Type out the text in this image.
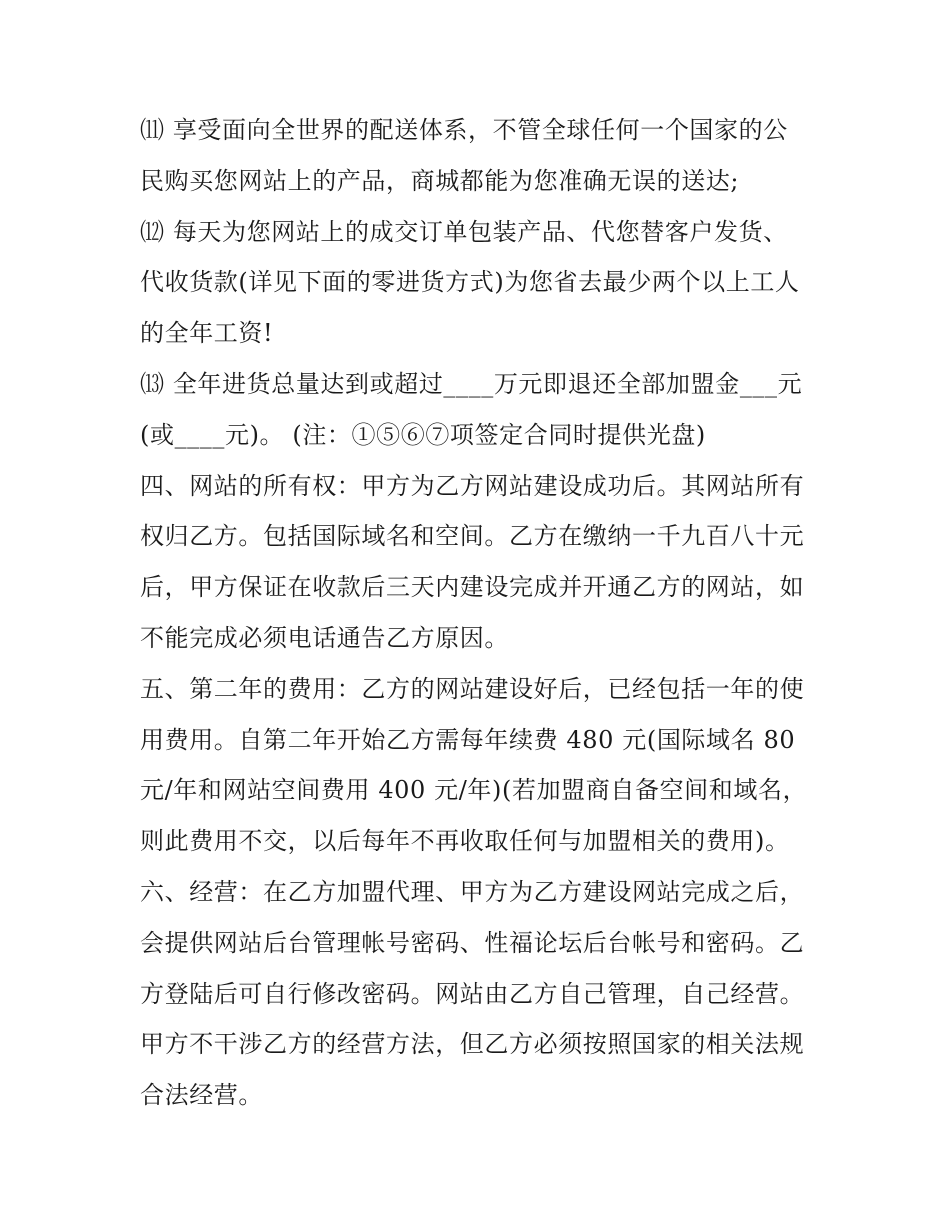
⑾ 享受面向全世界的配送体系，不管全球任何一个国家的公
民购买您网站上的产品，商城都能为您准确无误的送达;
⑿ 每天为您网站上的成交订单包装产品、代您替客户发货、
代收货款(详见下面的零进货方式)为您省去最少两个以上工人
的全年工资!
⒀ 全年进货总量达到或超过____万元即退还全部加盟金___元
(或____元)。 (注：①⑤⑥⑦项签定合同时提供光盘)
四、网站的所有权：甲方为乙方网站建设成功后。其网站所有
权归乙方。包括国际域名和空间。乙方在缴纳一千九百八十元
后，甲方保证在收款后三天内建设完成并开通乙方的网站，如
不能完成必须电话通告乙方原因。
五、第二年的费用：乙方的网站建设好后，已经包括一年的使
用费用。自第二年开始乙方需每年续费 480 元(国际域名 80
元/年和网站空间费用 400 元/年)(若加盟商自备空间和域名，
则此费用不交，以后每年不再收取任何与加盟相关的费用)。
六、经营：在乙方加盟代理、甲方为乙方建设网站完成之后，
会提供网站后台管理帐号密码、性福论坛后台帐号和密码。乙
方登陆后可自行修改密码。网站由乙方自己管理，自己经营。
甲方不干涉乙方的经营方法，但乙方必须按照国家的相关法规
合法经营。
